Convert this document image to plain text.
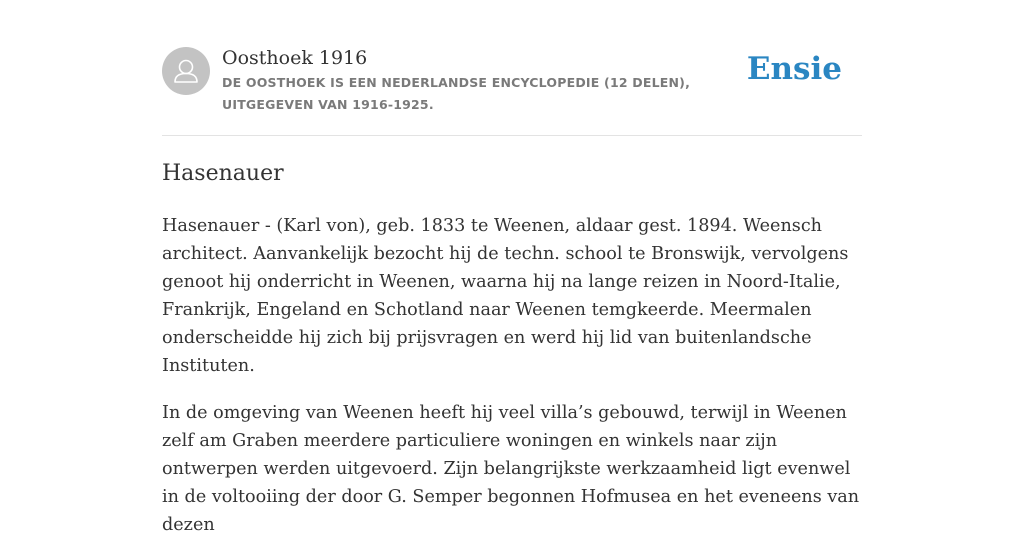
Oosthoek 1916

DE OOSTHOEK IS EEN NEDERLANDSE ENCYCLOPEDIE (12 DELEN), UITGEGEVEN VAN 1916-1925.

Ensie
Hasenauer

Hasenauer - (Karl von), geb. 1833 te Weenen, aldaar gest. 1894. Weensch architect. Aanvankelijk bezocht hij de techn. school te Bronswijk, vervolgens genoot hij onderricht in Weenen, waarna hij na lange reizen in Noord-Italie, Frankrijk, Engeland en Schotland naar Weenen temgkeerde. Meermalen onderscheidde hij zich bij prijsvragen en werd hij lid van buitenlandsche Instituten.

In de omgeving van Weenen heeft hij veel villa’s gebouwd, terwijl in Weenen zelf am Graben meerdere particuliere woningen en winkels naar zijn ontwerpen werden uitgevoerd. Zijn belangrijkste werkzaamheid ligt evenwel in de voltooiing der door G. Semper begonnen Hofmusea en het eveneens van dezen
